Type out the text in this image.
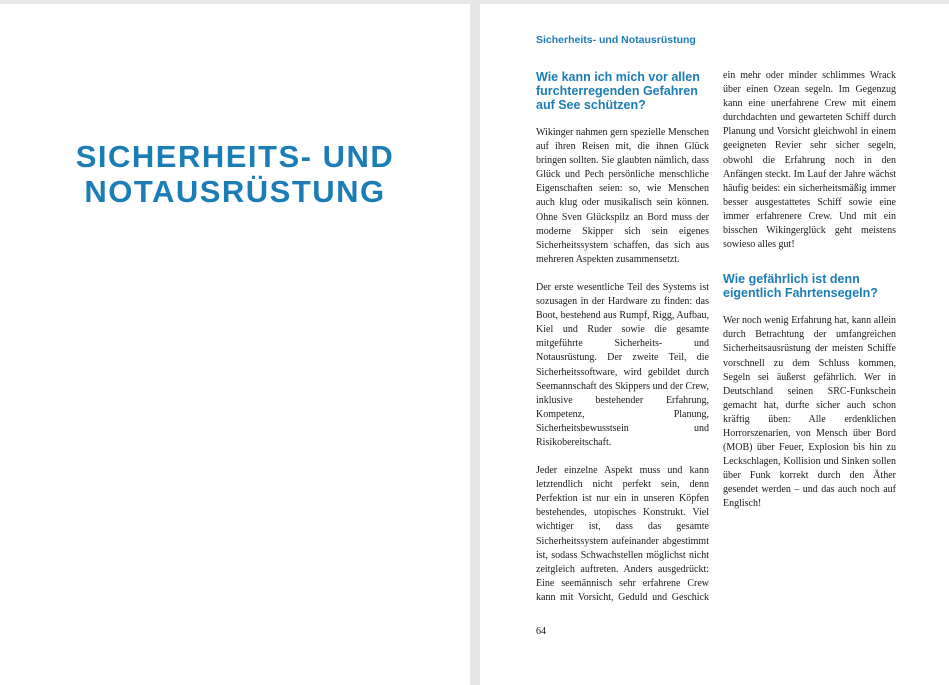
SICHERHEITS- UND
NOTAUSRÜSTUNG

Sicherheits- und Notausrüstung

Wie kann ich mich vor allen furchterregenden Gefahren auf See schützen?

Wikinger nahmen gern spezielle Menschen auf ihren Reisen mit, die ihnen Glück bringen sollten. Sie glaubten nämlich, dass Glück und Pech persönliche menschliche Eigenschaften seien: so, wie Menschen auch klug oder musikalisch sein können. Ohne Sven Glückspilz an Bord muss der moderne Skipper sich sein eigenes Sicherheitssystem schaffen, das sich aus mehreren Aspekten zusammensetzt.

Der erste wesentliche Teil des Systems ist sozusagen in der Hardware zu finden: das Boot, bestehend aus Rumpf, Rigg, Aufbau, Kiel und Ruder sowie die gesamte mitgeführte Sicherheits- und Notausrüstung. Der zweite Teil, die Sicherheitssoftware, wird gebildet durch Seemannschaft des Skippers und der Crew, inklusive bestehender Erfahrung, Kompetenz, Planung, Sicherheitsbewusstsein und Risikobereitschaft.

Jeder einzelne Aspekt muss und kann letztendlich nicht perfekt sein, denn Perfektion ist nur ein in unseren Köpfen bestehendes, utopisches Konstrukt. Viel wichtiger ist, dass das gesamte Sicherheitssystem aufeinander abgestimmt ist, sodass Schwachstellen möglichst nicht zeitgleich auftreten. Anders ausgedrückt: Eine seemännisch sehr erfahrene Crew kann mit Vorsicht, Geduld und Geschick

64

ein mehr oder minder schlimmes Wrack über einen Ozean segeln. Im Gegenzug kann eine unerfahrene Crew mit einem durchdachten und gewarteten Schiff durch Planung und Vorsicht gleichwohl in einem geeigneten Revier sehr sicher segeln, obwohl die Erfahrung noch in den Anfängen steckt. Im Lauf der Jahre wächst häufig beides: ein sicherheitsmäßig immer besser ausgestattetes Schiff sowie eine immer erfahrenere Crew. Und mit ein bisschen Wikingerglück geht meistens sowieso alles gut!

Wie gefährlich ist denn eigentlich Fahrtensegeln?

Wer noch wenig Erfahrung hat, kann allein durch Betrachtung der umfangreichen Sicherheitsausrüstung der meisten Schiffe vorschnell zu dem Schluss kommen, Segeln sei äußerst gefährlich. Wer in Deutschland seinen SRC-Funkschein gemacht hat, durfte sicher auch schon kräftig üben: Alle erdenklichen Horrorszenarien, von Mensch über Bord (MOB) über Feuer, Explosion bis hin zu Leckschlagen, Kollision und Sinken sollen über Funk korrekt durch den Äther gesendet werden – und das auch noch auf Englisch!
